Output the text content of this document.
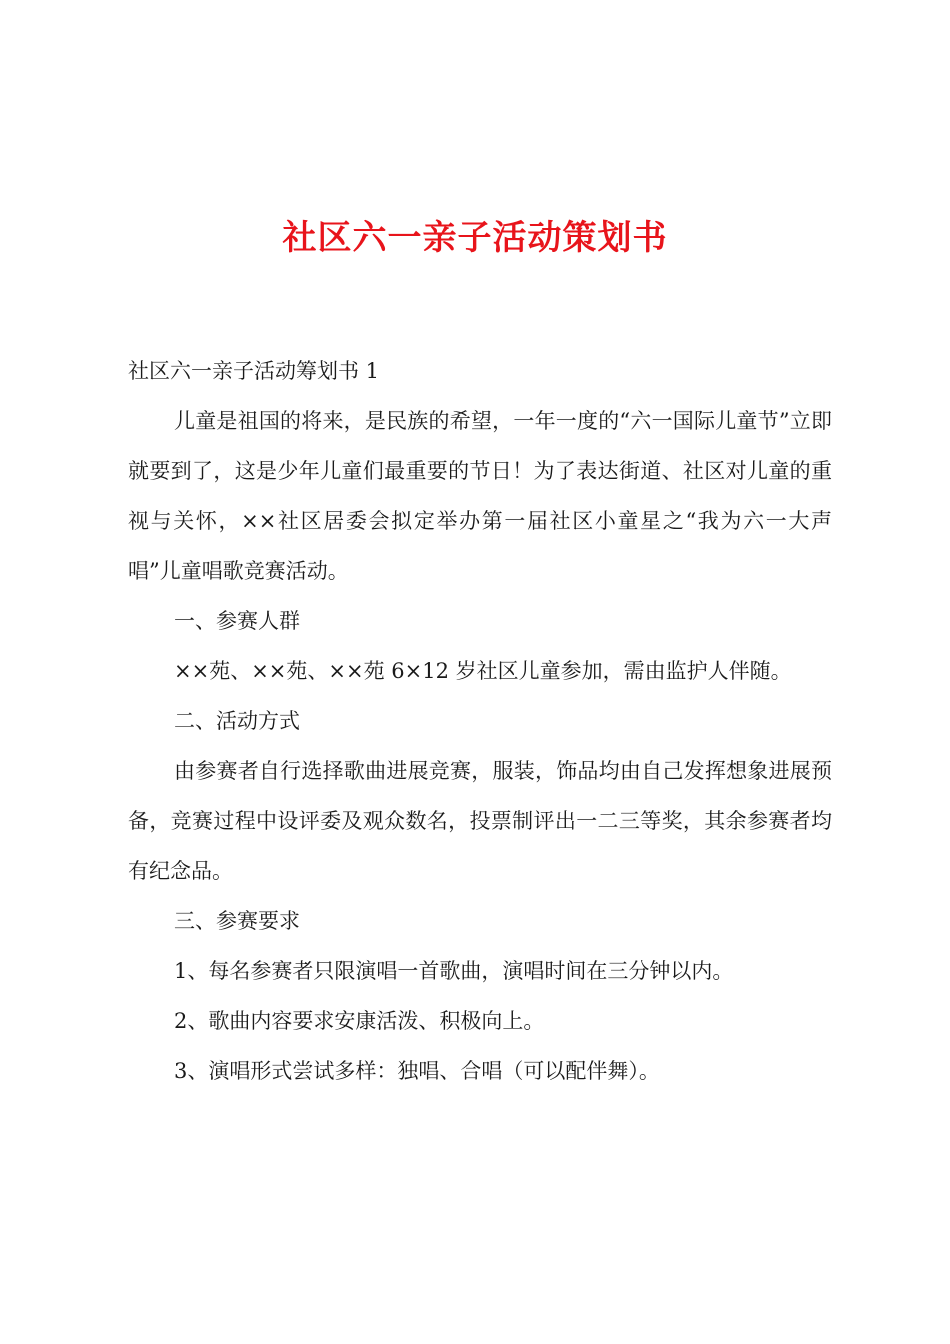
社区六一亲子活动策划书

社区六一亲子活动筹划书 1

儿童是祖国的将来，是民族的希望，一年一度的“六一国际儿童节”立即就要到了，这是少年儿童们最重要的节日！为了表达街道、社区对儿童的重视与关怀，××社区居委会拟定举办第一届社区小童星之“我为六一大声唱”儿童唱歌竞赛活动。

一、参赛人群

××苑、××苑、××苑 6×12 岁社区儿童参加，需由监护人伴随。

二、活动方式

由参赛者自行选择歌曲进展竞赛，服装，饰品均由自己发挥想象进展预备，竞赛过程中设评委及观众数名，投票制评出一二三等奖，其余参赛者均有纪念品。

三、参赛要求

1、每名参赛者只限演唱一首歌曲，演唱时间在三分钟以内。

2、歌曲内容要求安康活泼、积极向上。

3、演唱形式尝试多样：独唱、合唱（可以配伴舞）。
